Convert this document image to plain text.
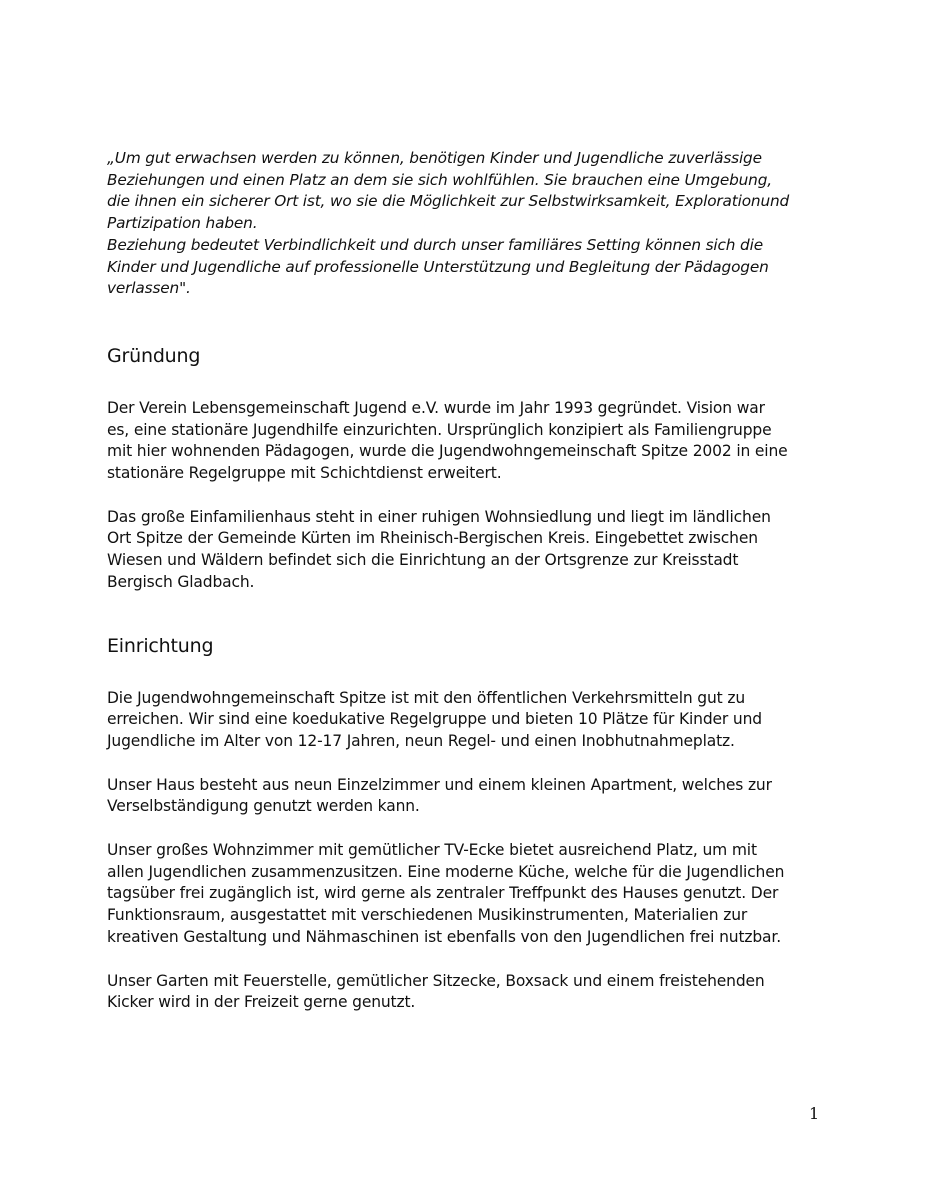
„Um gut erwachsen werden zu können, benötigen Kinder und Jugendliche zuverlässige
Beziehungen und einen Platz an dem sie sich wohlfühlen. Sie brauchen eine Umgebung,
die ihnen ein sicherer Ort ist, wo sie die Möglichkeit zur Selbstwirksamkeit, Explorationund
Partizipation haben.
Beziehung bedeutet Verbindlichkeit und durch unser familiäres Setting können sich die
Kinder und Jugendliche auf professionelle Unterstützung und Begleitung der Pädagogen
verlassen".
Gründung
Der Verein Lebensgemeinschaft Jugend e.V. wurde im Jahr 1993 gegründet. Vision war
es, eine stationäre Jugendhilfe einzurichten. Ursprünglich konzipiert als Familiengruppe
mit hier wohnenden Pädagogen, wurde die Jugendwohngemeinschaft Spitze 2002 in eine
stationäre Regelgruppe mit Schichtdienst erweitert.
Das große Einfamilienhaus steht in einer ruhigen Wohnsiedlung und liegt im ländlichen
Ort Spitze der Gemeinde Kürten im Rheinisch-Bergischen Kreis. Eingebettet zwischen
Wiesen und Wäldern befindet sich die Einrichtung an der Ortsgrenze zur Kreisstadt
Bergisch Gladbach.
Einrichtung
Die Jugendwohngemeinschaft Spitze ist mit den öffentlichen Verkehrsmitteln gut zu
erreichen. Wir sind eine koedukative Regelgruppe und bieten 10 Plätze für Kinder und
Jugendliche im Alter von 12-17 Jahren, neun Regel- und einen Inobhutnahmeplatz.
Unser Haus besteht aus neun Einzelzimmer und einem kleinen Apartment, welches zur
Verselbständigung genutzt werden kann.
Unser großes Wohnzimmer mit gemütlicher TV-Ecke bietet ausreichend Platz, um mit
allen Jugendlichen zusammenzusitzen. Eine moderne Küche, welche für die Jugendlichen
tagsüber frei zugänglich ist, wird gerne als zentraler Treffpunkt des Hauses genutzt. Der
Funktionsraum, ausgestattet mit verschiedenen Musikinstrumenten, Materialien zur
kreativen Gestaltung und Nähmaschinen ist ebenfalls von den Jugendlichen frei nutzbar.
Unser Garten mit Feuerstelle, gemütlicher Sitzecke, Boxsack und einem freistehenden
Kicker wird in der Freizeit gerne genutzt.
1
